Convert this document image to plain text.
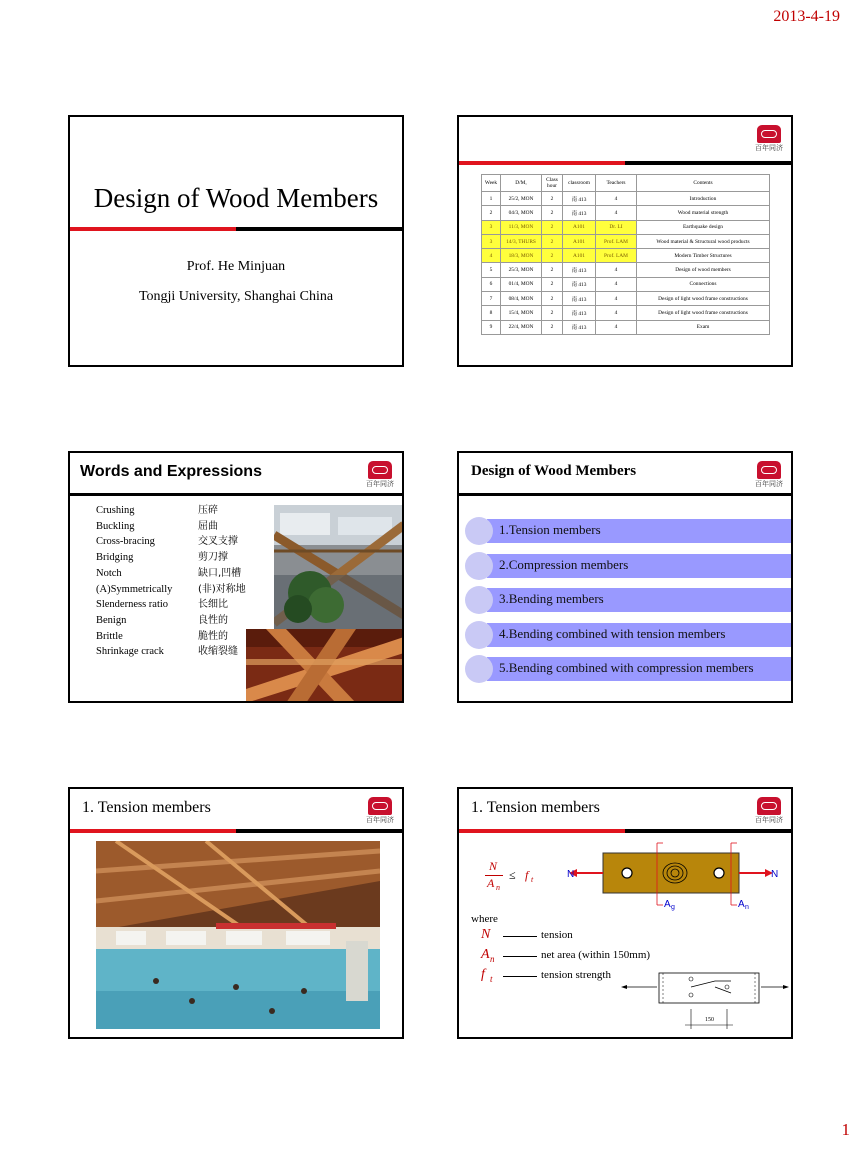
2013-4-19
Design of Wood Members
Prof. He Minjuan
Tongji University, Shanghai China
百年同济
Week	D/M,	Class hour	classroom	Teachers	Contents
1	25/2, MON	2	南 413	4	Introduction
2	04/3, MON	2	南 413	4	Wood material strength
3	11/3, MON	2	A101	Dr. LI	Earthquake design
3	14/3, THURS	2	A101	Prof. LAM	Wood material & Structural wood products
4	18/3, MON	2	A101	Prof. LAM	Modern Timber Structures
5	25/3, MON	2	南 413	4	Design of wood members
6	01/4, MON	2	南 413	4	Connections
7	08/4, MON	2	南 413	4	Design of light wood frame constructions
8	15/4, MON	2	南 413	4	Design of light wood frame constructions
9	22/4, MON	2	南 413	4	Exam
Words and Expressions
百年同济
Crushing	压碎
Buckling	屈曲
Cross-bracing	交叉支撑
Bridging	剪刀撑
Notch	缺口,凹槽
(A)Symmetrically	(非)对称地
Slenderness ratio	长细比
Benign	良性的
Brittle	脆性的
Shrinkage crack	收缩裂缝
Design of Wood Members
百年同济
1.Tension members
2.Compression members
3.Bending members
4.Bending combined with tension members
5.Bending combined with compression members
1. Tension members
百年同济
1. Tension members
百年同济
N
A n
≤ f t	N	N
A g	A n
where
N	tension
A n	net area (within 150mm)
f t	tension strength
150
1
